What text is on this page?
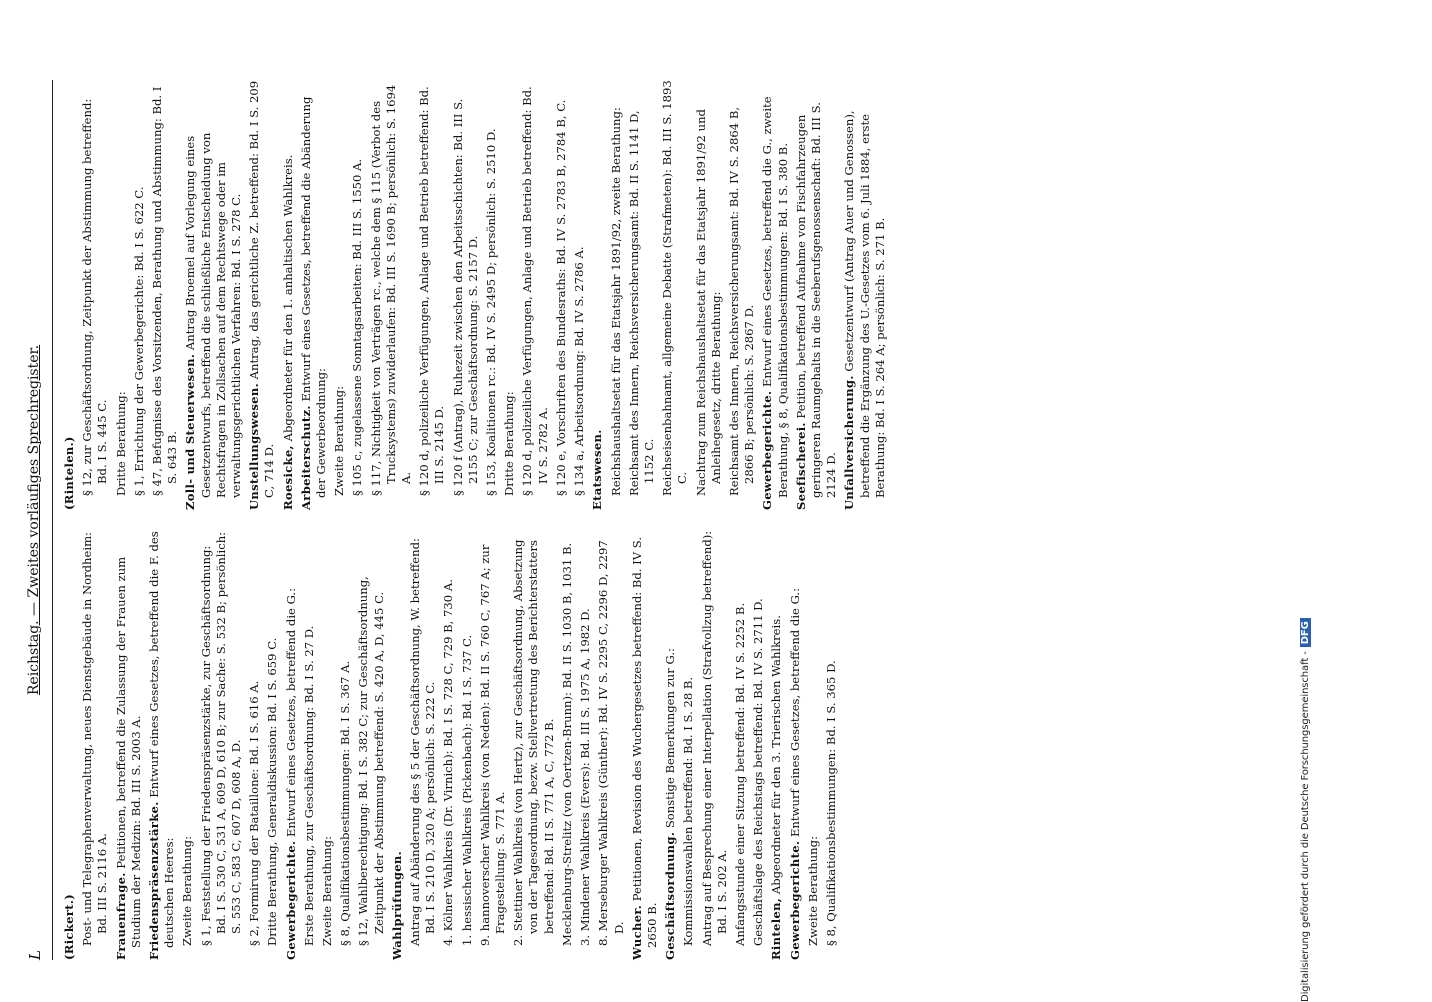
L
Reichstag. — Zweites vorläufiges Sprechregister.
(Rickert.) Post- und Telegraphenverwaltung, neues Dienstgebäude in Nordheim: Bd. III S. 2116 A. Frauenfrage. Petitionen, betreffend die Zulassung der Frauen zum Studium der Medizin: Bd. III S. 2003 A. Friedenspräsenzstärke. Entwurf eines Gesetzes, betreffend die F. des deutschen Heeres: Zweite Berathung: § 1, Feststellung der Friedenspräsenzstärke, zur Geschäftsordnung: Bd. I S. 530 C, 531 A, 609 D, 610 B; zur Sache: S. 532 B; persönlich: S. 553 C, 583 C, 607 D, 608 A, D. § 2, Formirung der Bataillone: Bd. I S. 616 A. Dritte Berathung, Generaldiskussion: Bd. I S. 659 C. Gewerbegerichte. Entwurf eines Gesetzes, betreffend die G.: Erste Berathung, zur Geschäftsordnung: Bd. I S. 27 D. Zweite Berathung: § 8, Qualifikationsbestimmungen: Bd. I S. 367 A. § 12, Wahlberechtigung: Bd. I S. 382 C; zur Geschäftsordnung, Zeitpunkt der Abstimmung betreffend: S. 420 A, D, 445 C. Wahlprüfungen. Antrag auf Abänderung des § 5 der Geschäftsordnung, W. betreffend: Bd. I S. 210 D, 320 A; persönlich: S. 222 C. 4. Kölner Wahlkreis (Dr. Virnich): Bd. I S. 728 C, 729 B, 730 A. 1. hessischer Wahlkreis (Pickenbach): Bd. I S. 737 C. 9. hannoverscher Wahlkreis (von Neden): Bd. II S. 760 C, 767 A; zur Fragestellung: S. 771 A. 2. Stettiner Wahlkreis (von Hertz), zur Geschäftsordnung, Absetzung von der Tagesordnung, bezw. Stellvertretung des Berichterstatters betreffend: Bd. II S. 771 A, C, 772 B. Mecklenburg-Strelitz (von Oertzen-Brunn): Bd. II S. 1030 B, 1031 B. 3. Mindener Wahlkreis (Evers): Bd. III S. 1975 A, 1982 D. 8. Merseburger Wahlkreis (Günther): Bd. IV S. 2295 C, 2296 D, 2297 D. Wucher. Petitionen, Revision des Wuchergesetzes betreffend: Bd. IV S. 2650 B. Geschäftsordnung. Sonstige Bemerkungen zur G.: Kommissionswahlen betreffend: Bd. I S. 28 B. Antrag auf Besprechung einer Interpellation (Strafvollzug betreffend): Bd. I S. 202 A. Anfangsstunde einer Sitzung betreffend: Bd. IV S. 2252 B. Geschäftslage des Reichstags betreffend: Bd. IV S. 2711 D. Rintelen, Abgeordneter für den 3. Trierischen Wahlkreis.
Gewerbegerichte. Entwurf eines Gesetzes, betreffend die G.:
Zweite Berathung: § 8, Qualifikationsbestimmungen: Bd. I S. 365 D.
(Rintelen.) § 12, zur Geschäftsordnung, Zeitpunkt der Abstimmung betreffend: Bd. I S. 445 C. Dritte Berathung: § 1, Errichtung der Gewerbegerichte: Bd. I S. 622 C. § 47, Befugnisse des Vorsitzenden, Berathung und Abstimmung: Bd. I S. 643 B. Zoll- und Steuerwesen. Antrag Broemel auf Vorlegung eines Gesetzentwurfs, betreffend die schließliche Entscheidung von Rechtsfragen in Zollsachen auf dem Rechtswege oder im verwaltungsgerichtlichen Verfahren: Bd. I S. 278 C. Unstellungswesen. Antrag, das gerichtliche Z. betreffend: Bd. I S. 209 C, 714 D. Roesicke, Abgeordneter für den 1. anhaltischen Wahlkreis.
Arbeiterschutz. Entwurf eines Gesetzes, betreffend die Abänderung der Gewerbeordnung: Zweite Berathung: § 105 c, zugelassene Sonntagsarbeiten: Bd. III S. 1550 A. § 117, Nichtigkeit von Verträgen rc., welche dem § 115 (Verbot des Trucksystems) zuwiderlaufen: Bd. III S. 1690 B; persönlich: S. 1694 A. § 120 d, polizeiliche Verfügungen, Anlage und Betrieb betreffend: Bd. III S. 2145 D. § 120 f (Antrag), Ruhezeit zwischen den Arbeitsschichten: Bd. III S. 2155 C; zur Geschäftsordnung: S. 2157 D. § 153, Koalitionen rc.: Bd. IV S. 2495 D; persönlich: S. 2510 D. Dritte Berathung: § 120 d, polizeiliche Verfügungen, Anlage und Betrieb betreffend: Bd. IV S. 2782 A. § 120 e, Vorschriften des Bundesraths: Bd. IV S. 2783 B, 2784 B, C. § 134 a, Arbeitsordnung: Bd. IV S. 2786 A. Etatswesen. Reichshaushaltsetat für das Etatsjahr 1891/92, zweite Berathung: Reichsamt des Innern, Reichsversicherungsamt: Bd. II S. 1141 D, 1152 C. Reichseisenbahnamt, allgemeine Debatte (Strafmeten): Bd. III S. 1893 C. Nachtrag zum Reichshaushaltsetat für das Etatsjahr 1891/92 und Anleihegesetz, dritte Berathung: Reichsamt des Innern, Reichsversicherungsamt: Bd. IV S. 2864 B, 2866 B; persönlich: S. 2867 D. Gewerbegerichte. Entwurf eines Gesetzes, betreffend die G., zweite Berathung, § 8, Qualifikationsbestimmungen: Bd. I S. 380 B. Seefischerei. Petition, betreffend Aufnahme von Fischfahrzeugen geringeren Raumgehalts in die Seeberufsgenossenschaft: Bd. III S. 2124 D. Unfallversicherung. Gesetzentwurf (Antrag Auer und Genossen), betreffend die Ergänzung des U.-Gesetzes vom 6. Juli 1884, erste Berathung: Bd. I S. 264 A; persönlich: S. 271 B.
Digitalisierung gefördert durch die Deutsche Forschungsgemeinschaft -DFG
